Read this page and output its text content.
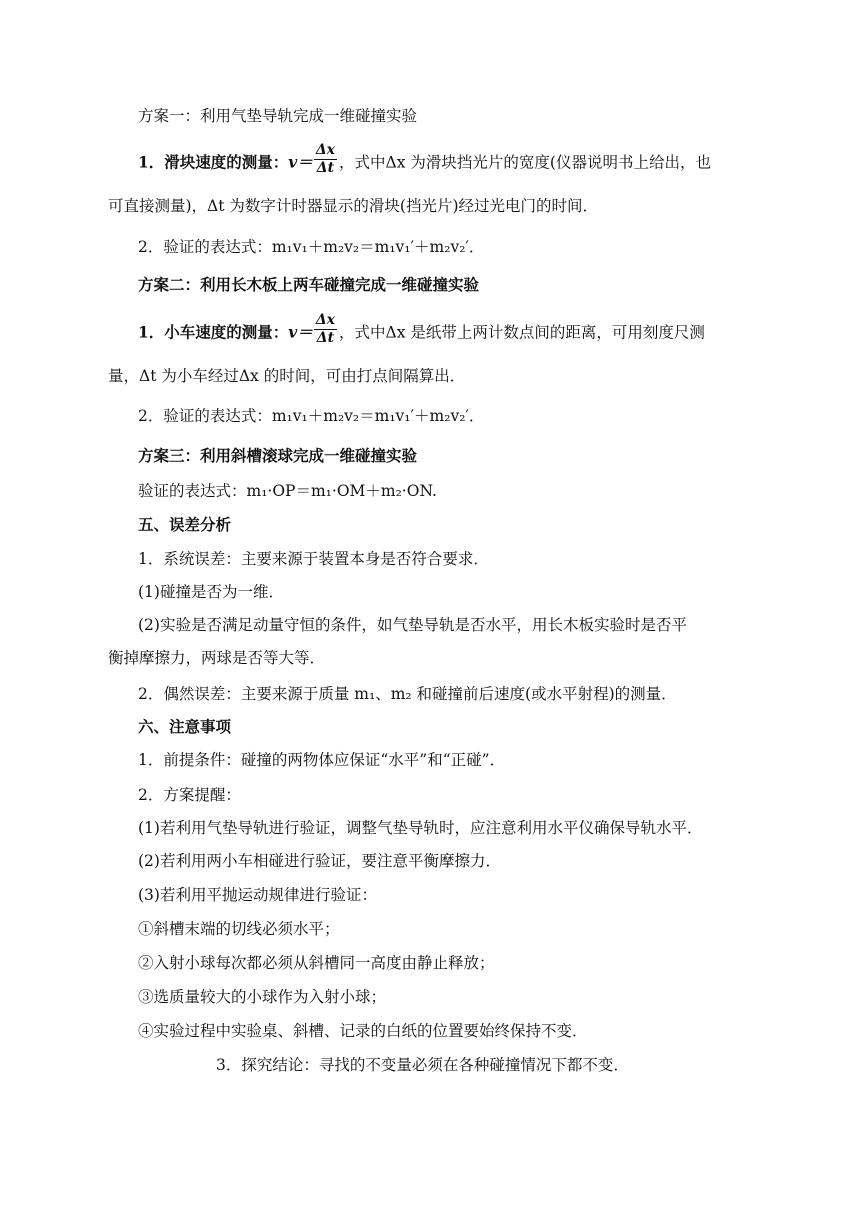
方案一：利用气垫导轨完成一维碰撞实验
1．滑块速度的测量：$v= \frac{\Delta x}{\Delta t}$ ，式中Δx 为滑块挡光片的宽度(仪器说明书上给出，也
可直接测量)，Δt 为数字计时器显示的滑块(挡光片)经过光电门的时间．
2．验证的表达式：m₁v₁＋m₂v₂＝m₁v₁′＋m₂v₂′．
方案二：利用长木板上两车碰撞完成一维碰撞实验
1．小车速度的测量：$v= \frac{\Delta x}{\Delta t}$ ，式中Δx 是纸带上两计数点间的距离，可用刻度尺测
量，Δt 为小车经过Δx 的时间，可由打点间隔算出．
2．验证的表达式：m₁v₁＋m₂v₂＝m₁v₁′＋m₂v₂′．
方案三：利用斜槽滚球完成一维碰撞实验
验证的表达式：m₁·OP＝m₁·OM＋m₂·ON.
五、误差分析
1．系统误差：主要来源于装置本身是否符合要求．
(1)碰撞是否为一维．
(2)实验是否满足动量守恒的条件，如气垫导轨是否水平，用长木板实验时是否平
衡掉摩擦力，两球是否等大等．
2．偶然误差：主要来源于质量 m₁、m₂ 和碰撞前后速度(或水平射程)的测量．
六、注意事项
1．前提条件：碰撞的两物体应保证“水平”和“正碰”．
2．方案提醒：
(1)若利用气垫导轨进行验证，调整气垫导轨时，应注意利用水平仪确保导轨水平．
(2)若利用两小车相碰进行验证，要注意平衡摩擦力．
(3)若利用平抛运动规律进行验证：
①斜槽末端的切线必须水平；
②入射小球每次都必须从斜槽同一高度由静止释放；
③选质量较大的小球作为入射小球；
④实验过程中实验桌、斜槽、记录的白纸的位置要始终保持不变．
3．探究结论：寻找的不变量必须在各种碰撞情况下都不变．
